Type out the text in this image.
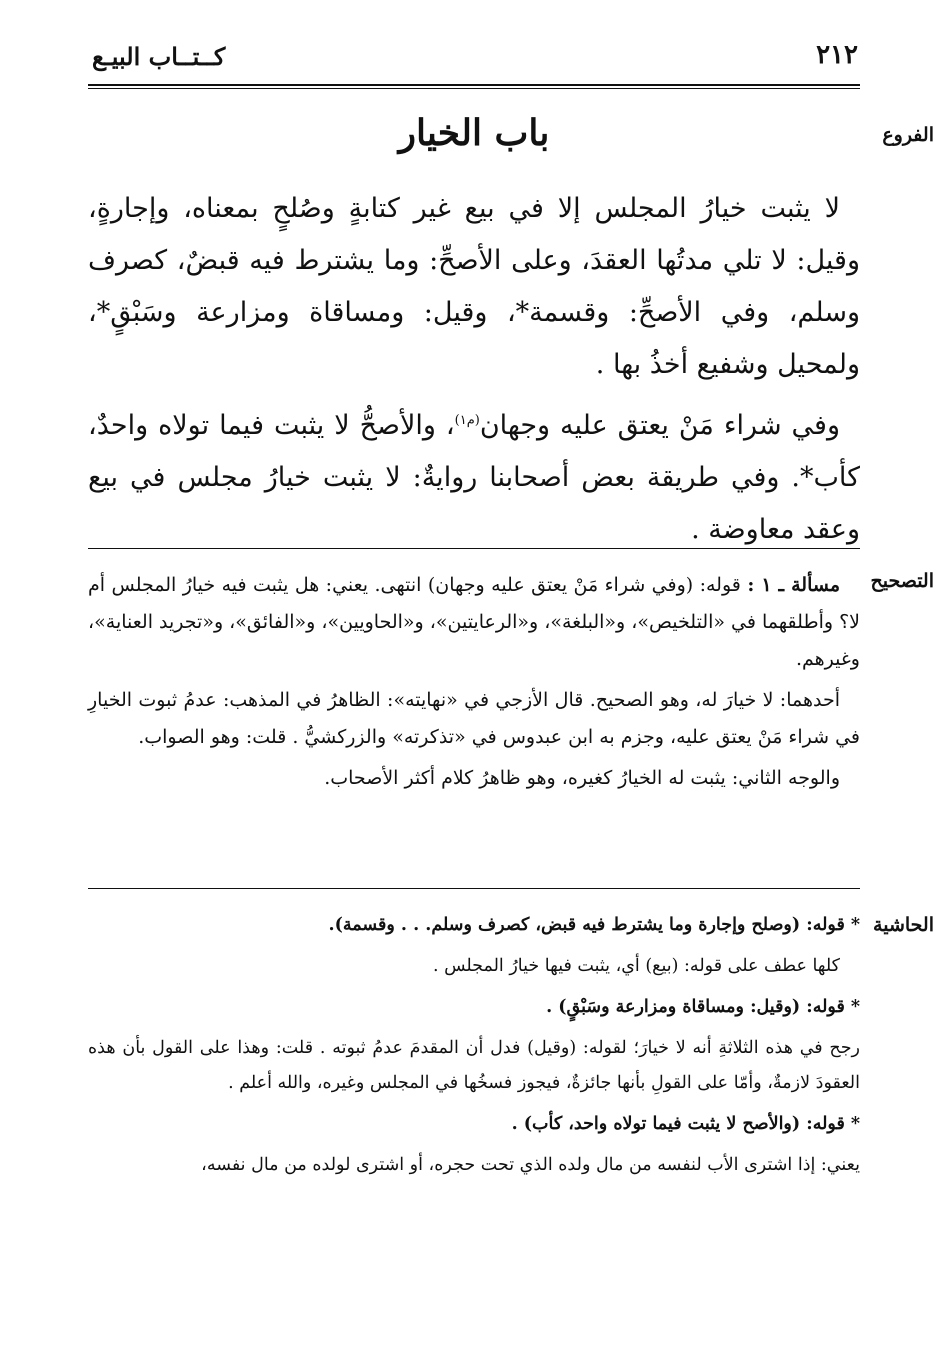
كــتــاب البيـع	٢١٢
الفروع
باب الخيار

لا يثبت خيارُ المجلس إلا في بيع غير كتابةٍ وصُلحٍ بمعناه، وإجارةٍ، وقيل: لا تلي مدتُها العقدَ، وعلى الأصحِّ: وما يشترط فيه قبضٌ، كصرف وسلم، وفي الأصحِّ: وقسمة*، وقيل: ومساقاة ومزارعة وسَبْقٍ*، ولمحيل وشفيع أخذُ بها .

وفي شراء مَنْ يعتق عليه وجهان$^{(م١)}$، والأصحُّ لا يثبت فيما تولاه واحدٌ، كأب*. وفي طريقة بعض أصحابنا روايةٌ: لا يثبت خيارُ مجلس في بيع وعقد معاوضة .

التصحيح

مسألة ـ ١ : قوله: (وفي شراء مَنْ يعتق عليه وجهان) انتهى. يعني: هل يثبت فيه خيارُ المجلس أم لا؟ وأطلقهما في «التلخيص»، و«البلغة»، و«الرعايتين»، و«الحاويين»، و«الفائق»، و«تجريد العناية»، وغيرهم.

أحدهما: لا خيارَ له، وهو الصحيح. قال الأزجي في «نهايته»: الظاهرُ في المذهب: عدمُ ثبوت الخيارِ في شراء مَنْ يعتق عليه، وجزم به ابن عبدوس في «تذكرته» والزركشيُّ . قلت: وهو الصواب.

والوجه الثاني: يثبت له الخيارُ كغيره، وهو ظاهرُ كلام أكثر الأصحاب.

الحاشية

*قوله: (وصلح وإجارة وما يشترط فيه قبض، كصرف وسلم. . . وقسمة).

كلها عطف على قوله: (بيع) أي، يثبت فيها خيارُ المجلس .

*قوله: (وقيل: ومساقاة ومزارعة وسَبْقٍ) .

رجح في هذه الثلاثةِ أنه لا خيارَ؛ لقوله: (وقيل) فدل أن المقدمَ عدمُ ثبوته . قلت: وهذا على القول بأن هذه العقودَ لازمةٌ، وأمّا على القولِ بأنها جائزةٌ، فيجوز فسخُها في المجلس وغيره، والله أعلم .

*قوله: (والأصح لا يثبت فيما تولاه واحد، كأب) .

يعني: إذا اشترى الأب لنفسه من مال ولده الذي تحت حجره، أو اشترى لولده من مال نفسه،
